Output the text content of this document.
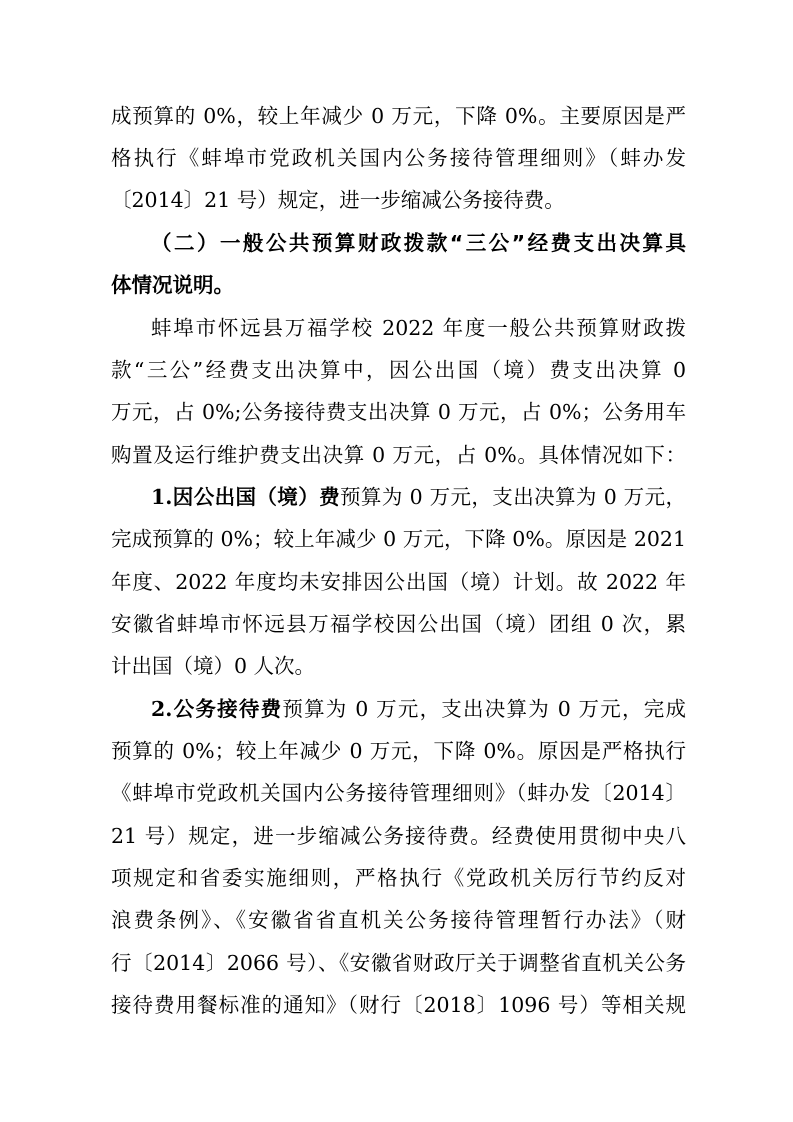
成预算的 0%，较上年减少 0 万元，下降 0%。主要原因是严
格执行《蚌埠市党政机关国内公务接待管理细则》（蚌办发
〔2014〕21 号）规定，进一步缩减公务接待费。
（二）一般公共预算财政拨款“三公”经费支出决算具
体情况说明。
蚌埠市怀远县万福学校 2022 年度一般公共预算财政拨
款“三公”经费支出决算中，因公出国（境）费支出决算 0
万元，占 0%;公务接待费支出决算 0 万元，占 0%；公务用车
购置及运行维护费支出决算 0 万元，占 0%。具体情况如下：
1.因公出国（境）费预算为 0 万元，支出决算为 0 万元，
完成预算的 0%；较上年减少 0 万元，下降 0%。原因是 2021
年度、2022 年度均未安排因公出国（境）计划。故 2022 年
安徽省蚌埠市怀远县万福学校因公出国（境）团组 0 次，累
计出国（境）0 人次。
2.公务接待费预算为 0 万元，支出决算为 0 万元，完成
预算的 0%；较上年减少 0 万元，下降 0%。原因是严格执行
《蚌埠市党政机关国内公务接待管理细则》（蚌办发〔2014〕
21 号）规定，进一步缩减公务接待费。经费使用贯彻中央八
项规定和省委实施细则，严格执行《党政机关厉行节约反对
浪费条例》、《安徽省省直机关公务接待管理暂行办法》（财
行〔2014〕2066 号）、《安徽省财政厅关于调整省直机关公务
接待费用餐标准的通知》（财行〔2018〕1096 号）等相关规
